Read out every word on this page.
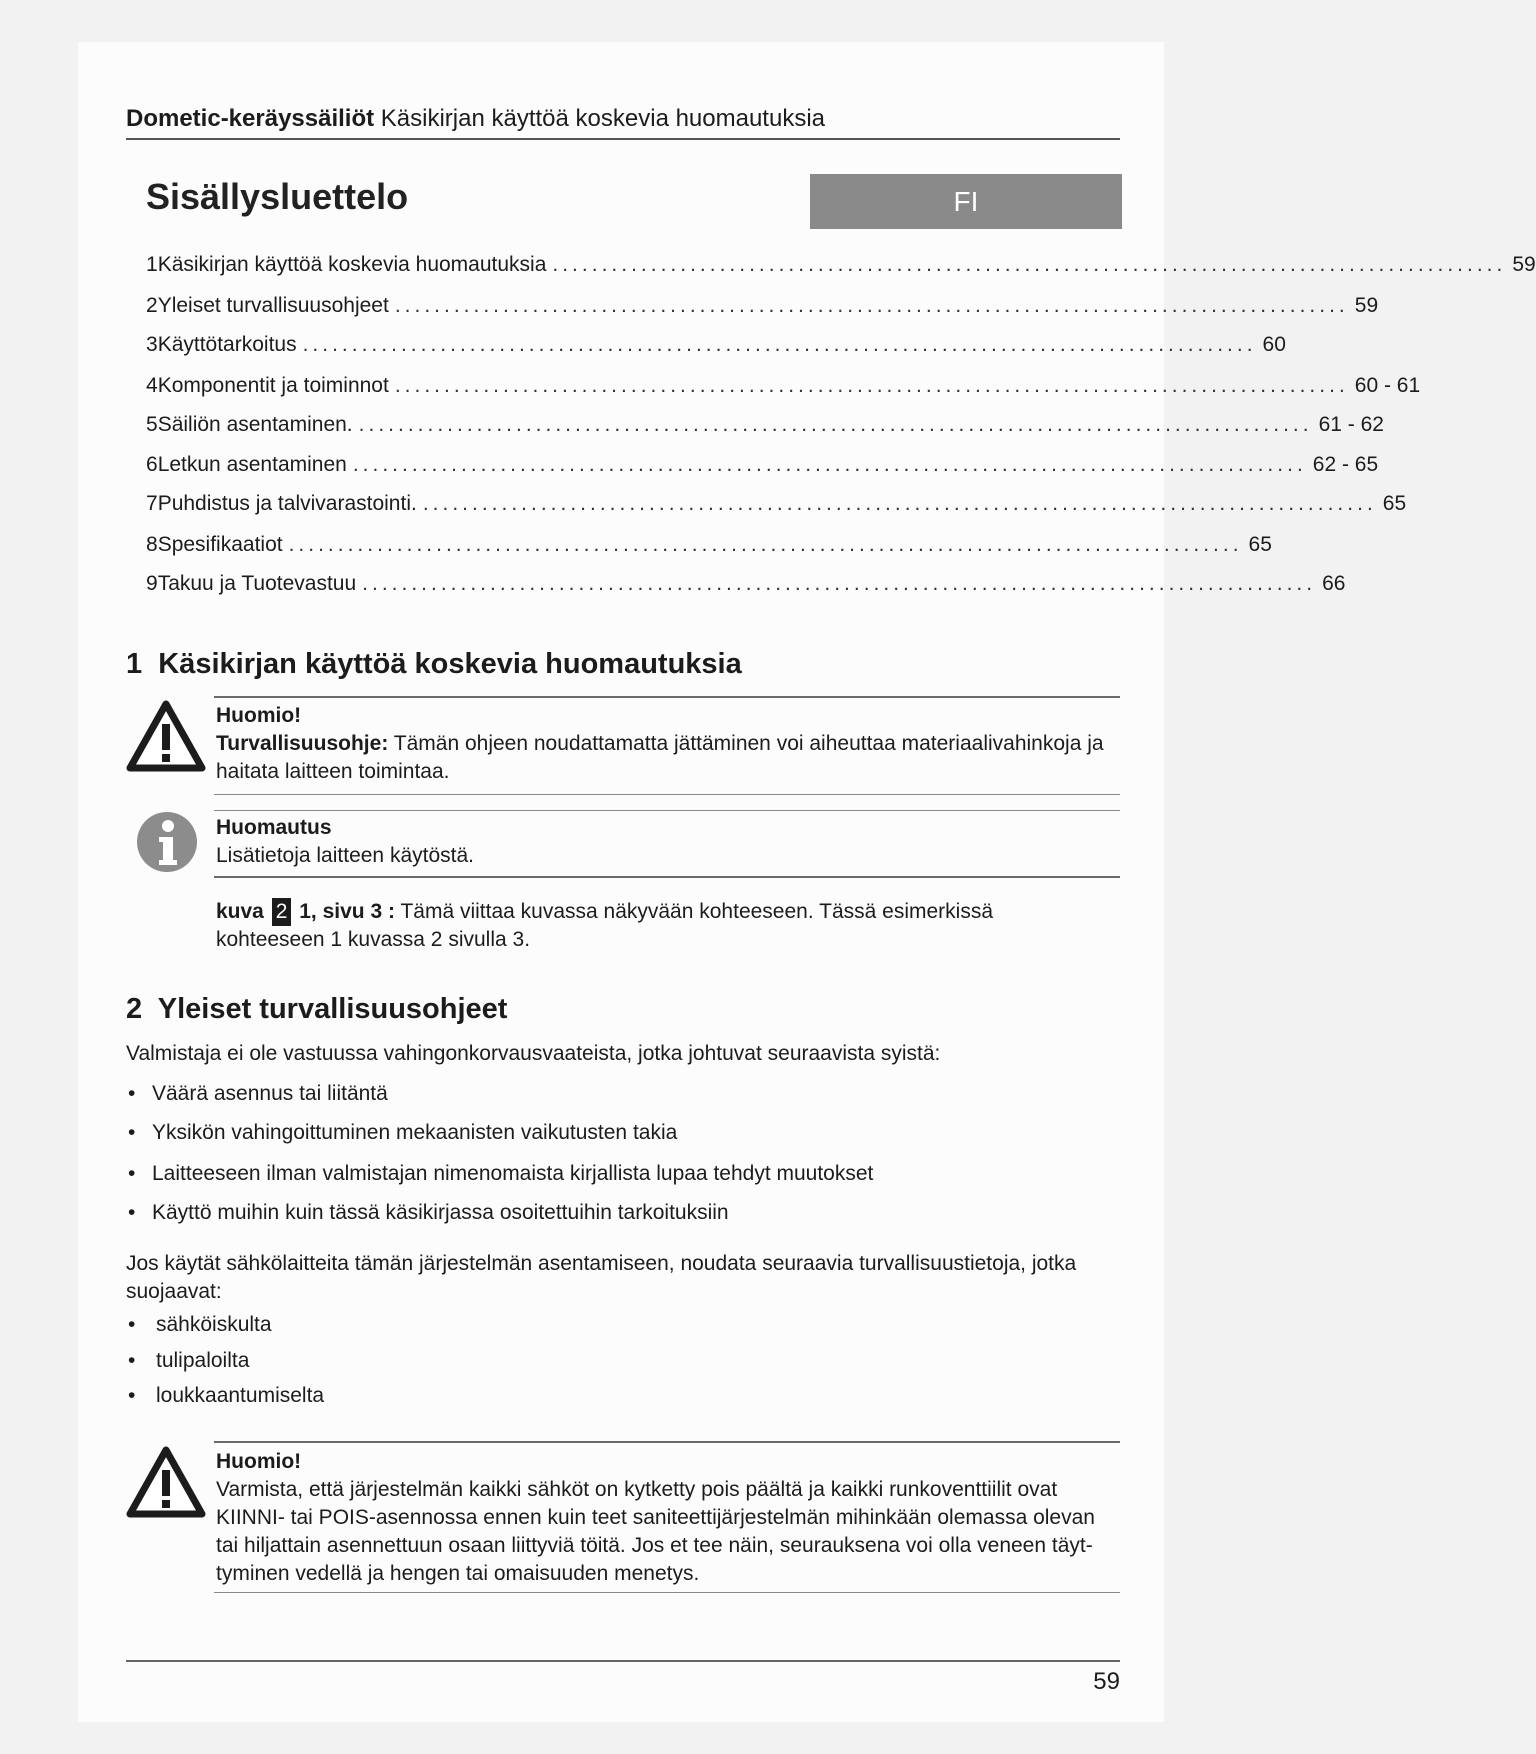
Dometic-keräyssäiliöt Käsikirjan käyttöä koskevia huomautuksia
Sisällysluettelo	FI
1 Käsikirjan käyttöä koskevia huomautuksia ................................................................................................. 59
2 Yleiset turvallisuusohjeet ................................................................................................. 59
3 Käyttötarkoitus ................................................................................................. 60
4 Komponentit ja toiminnot ................................................................................................. 60 - 61
5 Säiliön asentaminen. ................................................................................................. 61 - 62
6 Letkun asentaminen ................................................................................................. 62 - 65
7 Puhdistus ja talvivarastointi. ................................................................................................. 65
8 Spesifikaatiot ................................................................................................. 65
9 Takuu ja Tuotevastuu ................................................................................................. 66
1 Käsikirjan käyttöä koskevia huomautuksia
Huomio!
Turvallisuusohje: Tämän ohjeen noudattamatta jättäminen voi aiheuttaa materiaalivahinkoja ja haitata laitteen toimintaa.
Huomautus
Lisätietoja laitteen käytöstä.
kuva 2 1, sivu 3 : Tämä viittaa kuvassa näkyvään kohteeseen. Tässä esimerkissä kohteeseen 1 kuvassa 2 sivulla 3.
2 Yleiset turvallisuusohjeet
Valmistaja ei ole vastuussa vahingonkorvausvaateista, jotka johtuvat seuraavista syistä:
• Väärä asennus tai liitäntä
• Yksikön vahingoittuminen mekaanisten vaikutusten takia
• Laitteeseen ilman valmistajan nimenomaista kirjallista lupaa tehdyt muutokset
• Käyttö muihin kuin tässä käsikirjassa osoitettuihin tarkoituksiin
Jos käytät sähkölaitteita tämän järjestelmän asentamiseen, noudata seuraavia turvallisuustietoja, jotka suojaavat:
• sähköiskulta
• tulipaloilta
• loukkaantumiselta
Huomio!
Varmista, että järjestelmän kaikki sähköt on kytketty pois päältä ja kaikki runkoventtiilit ovat KIINNI- tai POIS-asennossa ennen kuin teet saniteettijärjestelmän mihinkään olemassa olevan tai hiljattain asennettuun osaan liittyviä töitä. Jos et tee näin, seurauksena voi olla veneen täyt-tyminen vedellä ja hengen tai omaisuuden menetys.
59
